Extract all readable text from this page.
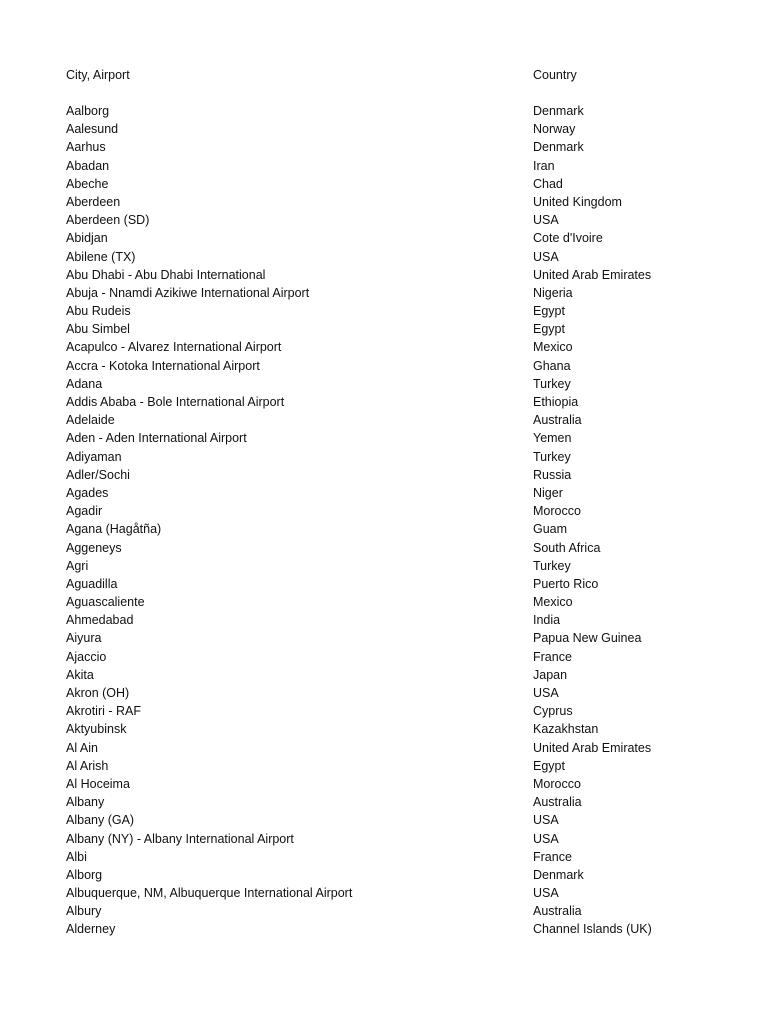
City, Airport	Country
Aalborg	Denmark
Aalesund	Norway
Aarhus	Denmark
Abadan	Iran
Abeche	Chad
Aberdeen	United Kingdom
Aberdeen (SD)	USA
Abidjan	Cote d'Ivoire
Abilene (TX)	USA
Abu Dhabi - Abu Dhabi International	United Arab Emirates
Abuja - Nnamdi Azikiwe International Airport	Nigeria
Abu Rudeis	Egypt
Abu Simbel	Egypt
Acapulco - Alvarez International Airport	Mexico
Accra - Kotoka International Airport	Ghana
Adana	Turkey
Addis Ababa - Bole International Airport	Ethiopia
Adelaide	Australia
Aden - Aden International Airport	Yemen
Adiyaman	Turkey
Adler/Sochi	Russia
Agades	Niger
Agadir	Morocco
Agana (Hagåtña)	Guam
Aggeneys	South Africa
Agri	Turkey
Aguadilla	Puerto Rico
Aguascaliente	Mexico
Ahmedabad	India
Aiyura	Papua New Guinea
Ajaccio	France
Akita	Japan
Akron (OH)	USA
Akrotiri - RAF	Cyprus
Aktyubinsk	Kazakhstan
Al Ain	United Arab Emirates
Al Arish	Egypt
Al Hoceima	Morocco
Albany	Australia
Albany (GA)	USA
Albany (NY) - Albany International Airport	USA
Albi	France
Alborg	Denmark
Albuquerque, NM, Albuquerque International Airport	USA
Albury	Australia
Alderney	Channel Islands (UK)
